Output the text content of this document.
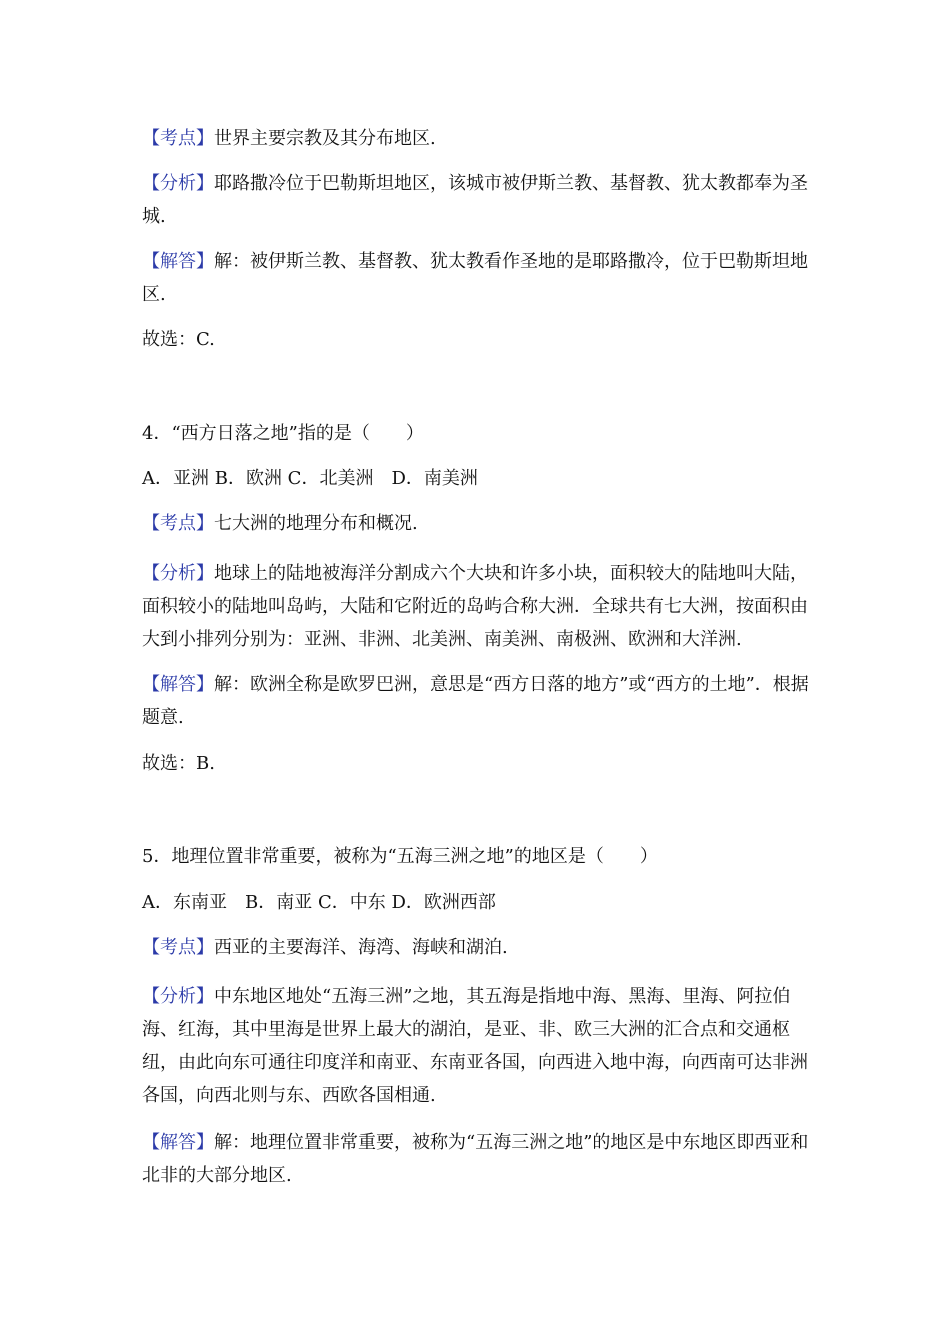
【考点】世界主要宗教及其分布地区.
【分析】耶路撒冷位于巴勒斯坦地区，该城市被伊斯兰教、基督教、犹太教都奉为圣城.
【解答】解：被伊斯兰教、基督教、犹太教看作圣地的是耶路撒冷，位于巴勒斯坦地区.
故选：C.
4．“西方日落之地”指的是（　　）
A．亚洲 B．欧洲 C．北美洲　D．南美洲
【考点】七大洲的地理分布和概况.
【分析】地球上的陆地被海洋分割成六个大块和许多小块，面积较大的陆地叫大陆，面积较小的陆地叫岛屿，大陆和它附近的岛屿合称大洲．全球共有七大洲，按面积由大到小排列分别为：亚洲、非洲、北美洲、南美洲、南极洲、欧洲和大洋洲.
【解答】解：欧洲全称是欧罗巴洲，意思是“西方日落的地方”或“西方的土地”．根据题意.
故选：B.
5．地理位置非常重要，被称为“五海三洲之地”的地区是（　　）
A．东南亚　B．南亚 C．中东 D．欧洲西部
【考点】西亚的主要海洋、海湾、海峡和湖泊.
【分析】中东地区地处“五海三洲”之地，其五海是指地中海、黑海、里海、阿拉伯海、红海，其中里海是世界上最大的湖泊，是亚、非、欧三大洲的汇合点和交通枢纽，由此向东可通往印度洋和南亚、东南亚各国，向西进入地中海，向西南可达非洲各国，向西北则与东、西欧各国相通.
【解答】解：地理位置非常重要，被称为“五海三洲之地”的地区是中东地区即西亚和北非的大部分地区.
